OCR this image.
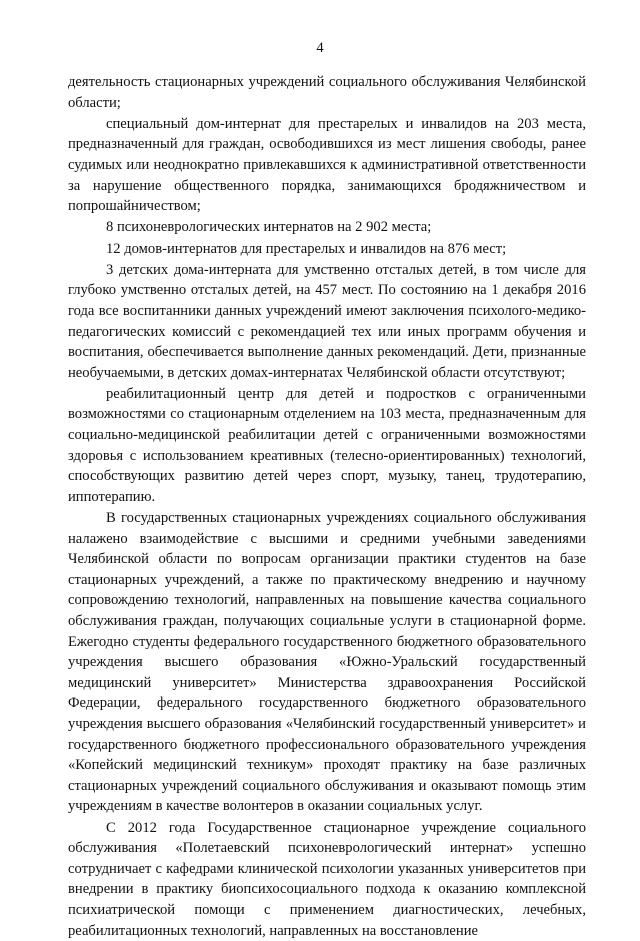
4

деятельность стационарных учреждений социального обслуживания Челябинской области;

специальный дом-интернат для престарелых и инвалидов на 203 места, предназначенный для граждан, освободившихся из мест лишения свободы, ранее судимых или неоднократно привлекавшихся к административной ответственности за нарушение общественного порядка, занимающихся бродяжничеством и попрошайничеством;

8 психоневрологических интернатов на 2 902 места;

12 домов-интернатов для престарелых и инвалидов на 876 мест;

3 детских дома-интерната для умственно отсталых детей, в том числе для глубоко умственно отсталых детей, на 457 мест. По состоянию на 1 декабря 2016 года все воспитанники данных учреждений имеют заключения психолого-медико-педагогических комиссий с рекомендацией тех или иных программ обучения и воспитания, обеспечивается выполнение данных рекомендаций. Дети, признанные необучаемыми, в детских домах-интернатах Челябинской области отсутствуют;

реабилитационный центр для детей и подростков с ограниченными возможностями со стационарным отделением на 103 места, предназначенным для социально-медицинской реабилитации детей с ограниченными возможностями здоровья с использованием креативных (телесно-ориентированных) технологий, способствующих развитию детей через спорт, музыку, танец, трудотерапию, иппотерапию.

В государственных стационарных учреждениях социального обслуживания налажено взаимодействие с высшими и средними учебными заведениями Челябинской области по вопросам организации практики студентов на базе стационарных учреждений, а также по практическому внедрению и научному сопровождению технологий, направленных на повышение качества социального обслуживания граждан, получающих социальные услуги в стационарной форме. Ежегодно студенты федерального государственного бюджетного образовательного учреждения высшего образования «Южно-Уральский государственный медицинский университет» Министерства здравоохранения Российской Федерации, федерального государственного бюджетного образовательного учреждения высшего образования «Челябинский государственный университет» и государственного бюджетного профессионального образовательного учреждения «Копейский медицинский техникум» проходят практику на базе различных стационарных учреждений социального обслуживания и оказывают помощь этим учреждениям в качестве волонтеров в оказании социальных услуг.

С 2012 года Государственное стационарное учреждение социального обслуживания «Полетаевский психоневрологический интернат» успешно сотрудничает с кафедрами клинической психологии указанных университетов при внедрении в практику биопсихосоциального подхода к оказанию комплексной психиатрической помощи с применением диагностических, лечебных, реабилитационных технологий, направленных на восстановление
